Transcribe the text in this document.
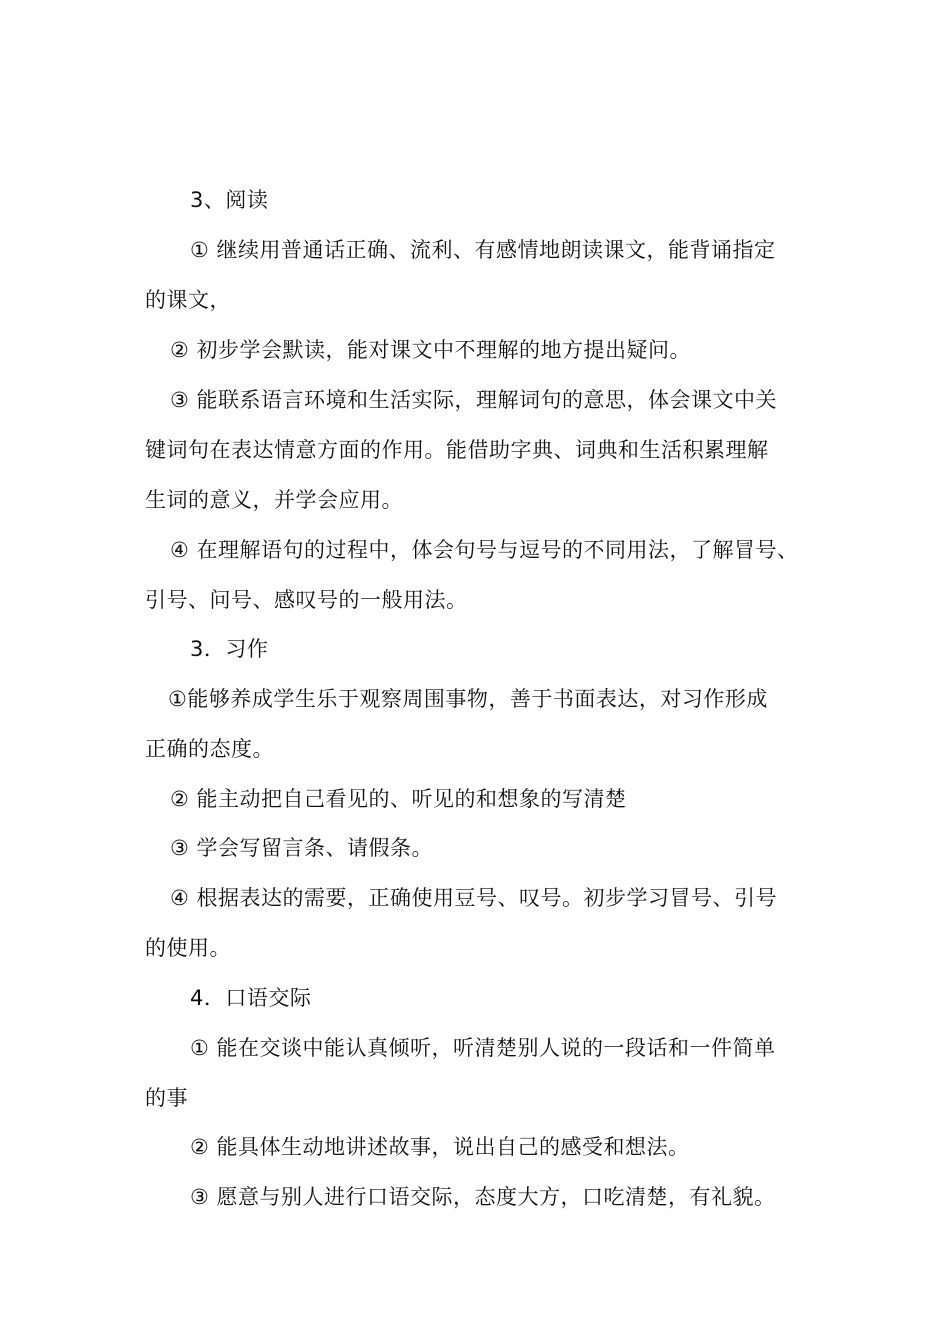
3、阅读
① 继续用普通话正确、流利、有感情地朗读课文，能背诵指定
的课文，
② 初步学会默读，能对课文中不理解的地方提出疑问。
③ 能联系语言环境和生活实际，理解词句的意思，体会课文中关
键词句在表达情意方面的作用。能借助字典、词典和生活积累理解
生词的意义，并学会应用。
④ 在理解语句的过程中，体会句号与逗号的不同用法，了解冒号、
引号、问号、感叹号的一般用法。
3．习作
①能够养成学生乐于观察周围事物，善于书面表达，对习作形成
正确的态度。
② 能主动把自己看见的、听见的和想象的写清楚
③ 学会写留言条、请假条。
④ 根据表达的需要，正确使用豆号、叹号。初步学习冒号、引号
的使用。
4．口语交际
① 能在交谈中能认真倾听，听清楚别人说的一段话和一件简单
的事
② 能具体生动地讲述故事，说出自己的感受和想法。
③ 愿意与别人进行口语交际，态度大方，口吃清楚，有礼貌。
